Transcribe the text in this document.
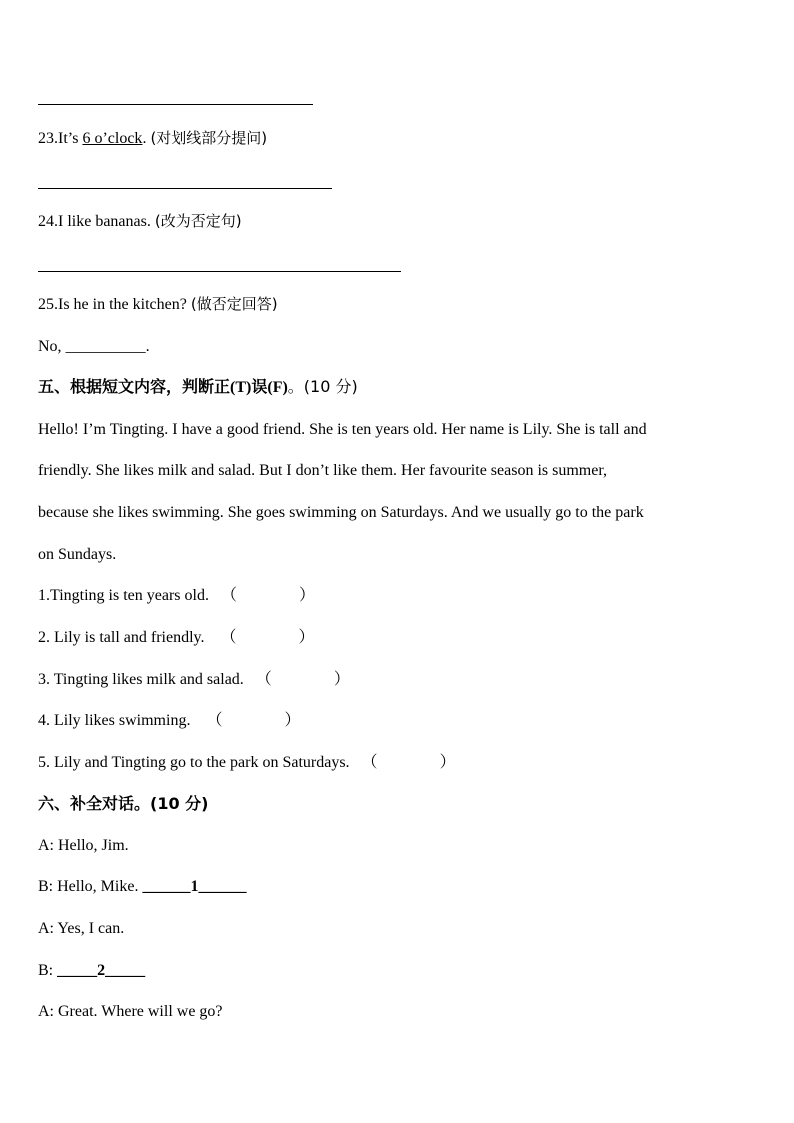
23.It’s 6 o’clock. (对划线部分提问)
24.I like bananas. (改为否定句)
25.Is he in the kitchen? (做否定回答)
No, __________.
五、根据短文内容，判断正(T)误(F)。(10 分)
Hello! I’m Tingting. I have a good friend. She is ten years old. Her name is Lily. She is tall and
friendly. She likes milk and salad. But I don’t like them. Her favourite season is summer,
because she likes swimming. She goes swimming on Saturdays. And we usually go to the park
on Sundays.
1.Tingting is ten years old. （	）
2. Lily is tall and friendly. （	）
3. Tingting likes milk and salad. （	）
4. Lily likes swimming. （	）
5. Lily and Tingting go to the park on Saturdays. （	）
六、补全对话。(10 分)
A: Hello, Jim.
B: Hello, Mike. ______1______
A: Yes, I can.
B: _____2_____
A: Great. Where will we go?
